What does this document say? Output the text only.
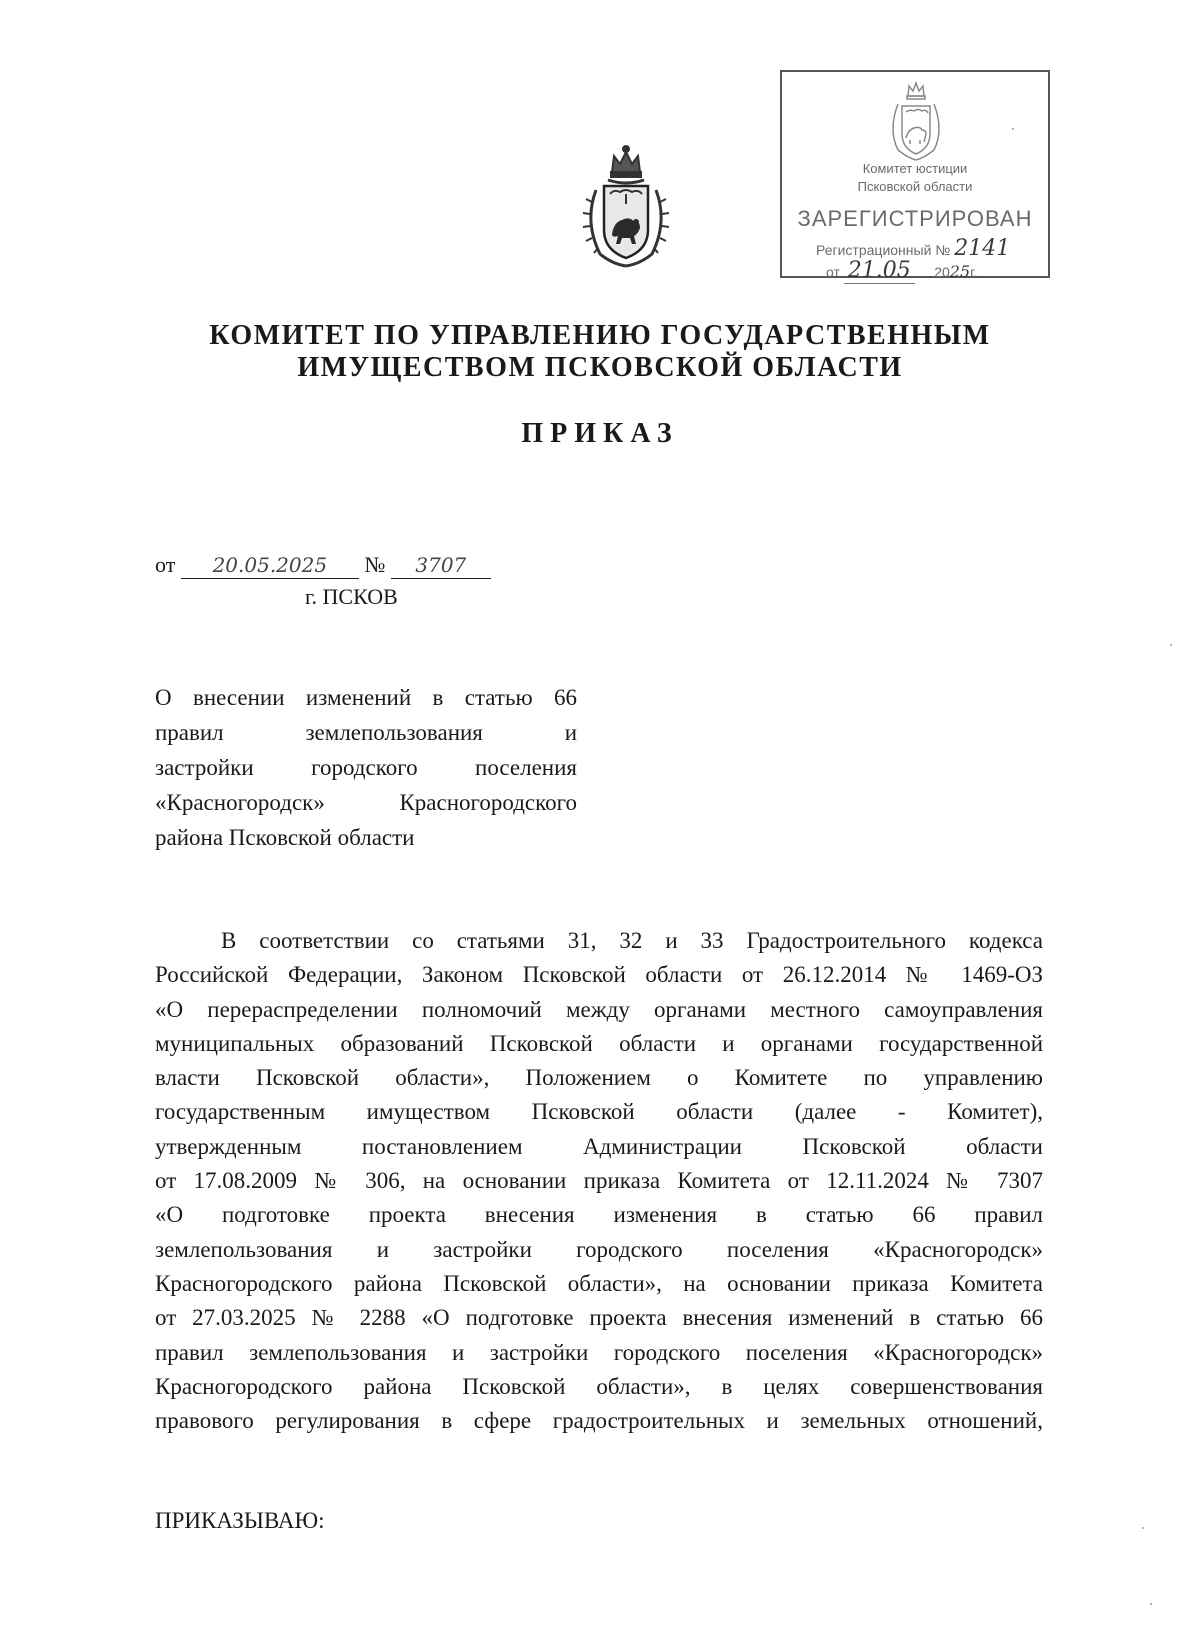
Комитет юстиции
Псковской области
ЗАРЕГИСТРИРОВАН
Регистрационный № 2141
от 21.05 2025г.
КОМИТЕТ ПО УПРАВЛЕНИЮ ГОСУДАРСТВЕННЫМ
ИМУЩЕСТВОМ ПСКОВСКОЙ ОБЛАСТИ
ПРИКАЗ
от 20.05.2025 № 3707
г. ПСКОВ
О внесении изменений в статью 66
правил землепользования и
застройки городского поселения
«Красногородск» Красногородского
района Псковской области
В соответствии со статьями 31, 32 и 33 Градостроительного кодекса
Российской Федерации, Законом Псковской области от 26.12.2014 № 1469-ОЗ
«О перераспределении полномочий между органами местного самоуправления
муниципальных образований Псковской области и органами государственной
власти Псковской области», Положением о Комитете по управлению
государственным имуществом Псковской области (далее - Комитет),
утвержденным постановлением Администрации Псковской области
от 17.08.2009 № 306, на основании приказа Комитета от 12.11.2024 № 7307
«О подготовке проекта внесения изменения в статью 66 правил
землепользования и застройки городского поселения «Красногородск»
Красногородского района Псковской области», на основании приказа Комитета
от 27.03.2025 № 2288 «О подготовке проекта внесения изменений в статью 66
правил землепользования и застройки городского поселения «Красногородск»
Красногородского района Псковской области», в целях совершенствования
правового регулирования в сфере градостроительных и земельных отношений,
ПРИКАЗЫВАЮ:
